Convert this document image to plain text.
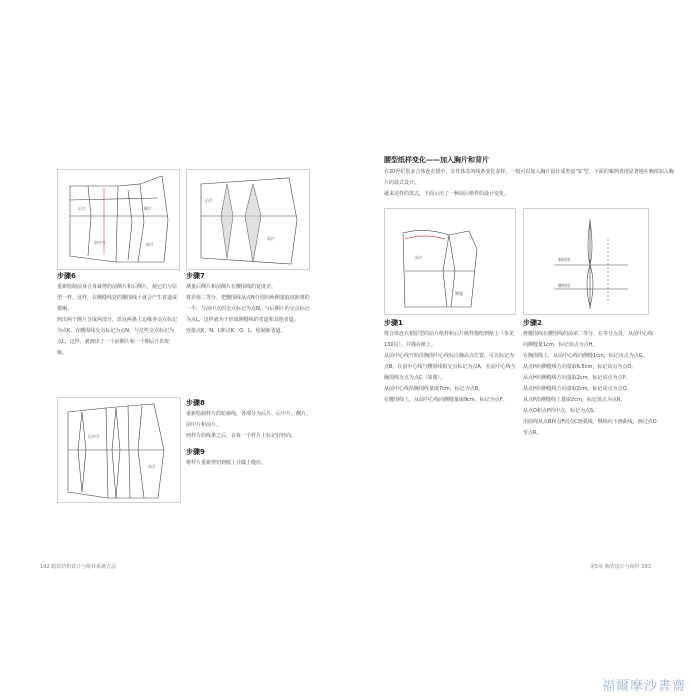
后片	侧片
前中片	前片
后片
前片
步骤6
重新绘制前身合身裁剪的前侧片和后侧片，使它们与原型一样。这样，在侧缝线处的腰围线上就会产生省道或褶裥。
画出两个侧片分成两部分，沿这两条上边缘各交点标记为点K，在腰围线交点标记为点N，与这些交点标记为点L，这样，就画出了一个前侧片和一个侧后片的轮廓。
步骤7
测量后侧片和前侧片在腰围线的宽度差。
将差值二等分，把腰围线从点N分别向两侧量取该距离的一半，与前中点的交点标记为点N，与后侧片的交点标记为点L，这样就为于形成侧缝线的省道和其他省道。
连接点K、N、L和点K、O、L，绘制新省道。
后中片
前片
步骤8
重新绘制样片的轮廓线，各部分为后片、后中片、侧片、前中片和前片。
画样片的线条之后，在每一个样片上标记好经向。
步骤9
将样片重新剪切到纸上并做上缝份。
192 服装结构设计与纸样系统方法
腰型纸样变化——加入胸片和背片
在20世纪很多合体连衣裙中，女性体态的线条变化多样。一般可以加入胸片设计成类似“S”型。下面的案例表现显著地在胸部加入胸片的款式设计。
就来这样的款式，下面示出了一种前后纸样的设计变化。
前片
侧缝
胸围线
腰围线
步骤1
将合体连衣裙原型的前片纸样和后片纸样描绘到纸上（参见130页），并描在纸上。
从前中心线开始沿胸围中心线标注胸高点位置，可以标记为点B。在前中心线与腰围线相交点标记为点A，在前中心线与胸围线交点为点C（如图）。
从前中心线沿胸围线量取7cm，标记为点B。
在腰围线上，从前中心线向侧缝量取9cm，标记为点F。
步骤2
将腰围线在腰围线的前第二等分，在等分点处，从前中心线向侧缝量1cm，标记该点为点H。
在胸围线上，从前中心线向侧缝1cm，标记该点为点G。
从点H向侧缝线方向量取6.5cm，标记该点为点O。
从点H向侧缝线方向量取2cm，标记该点为点P。
从点H向侧缝线方向量取2cm，标记该点为点Q。
从点P沿侧缝线上量取2cm，标记该点为点R。
从点O和点P的中点，标记为点S。
用曲线从点B和点F向点C画弧线，继续向下画曲线，画过点O至点R。
第5章 胸省设计与纸样 193
福爾摩沙書齋
